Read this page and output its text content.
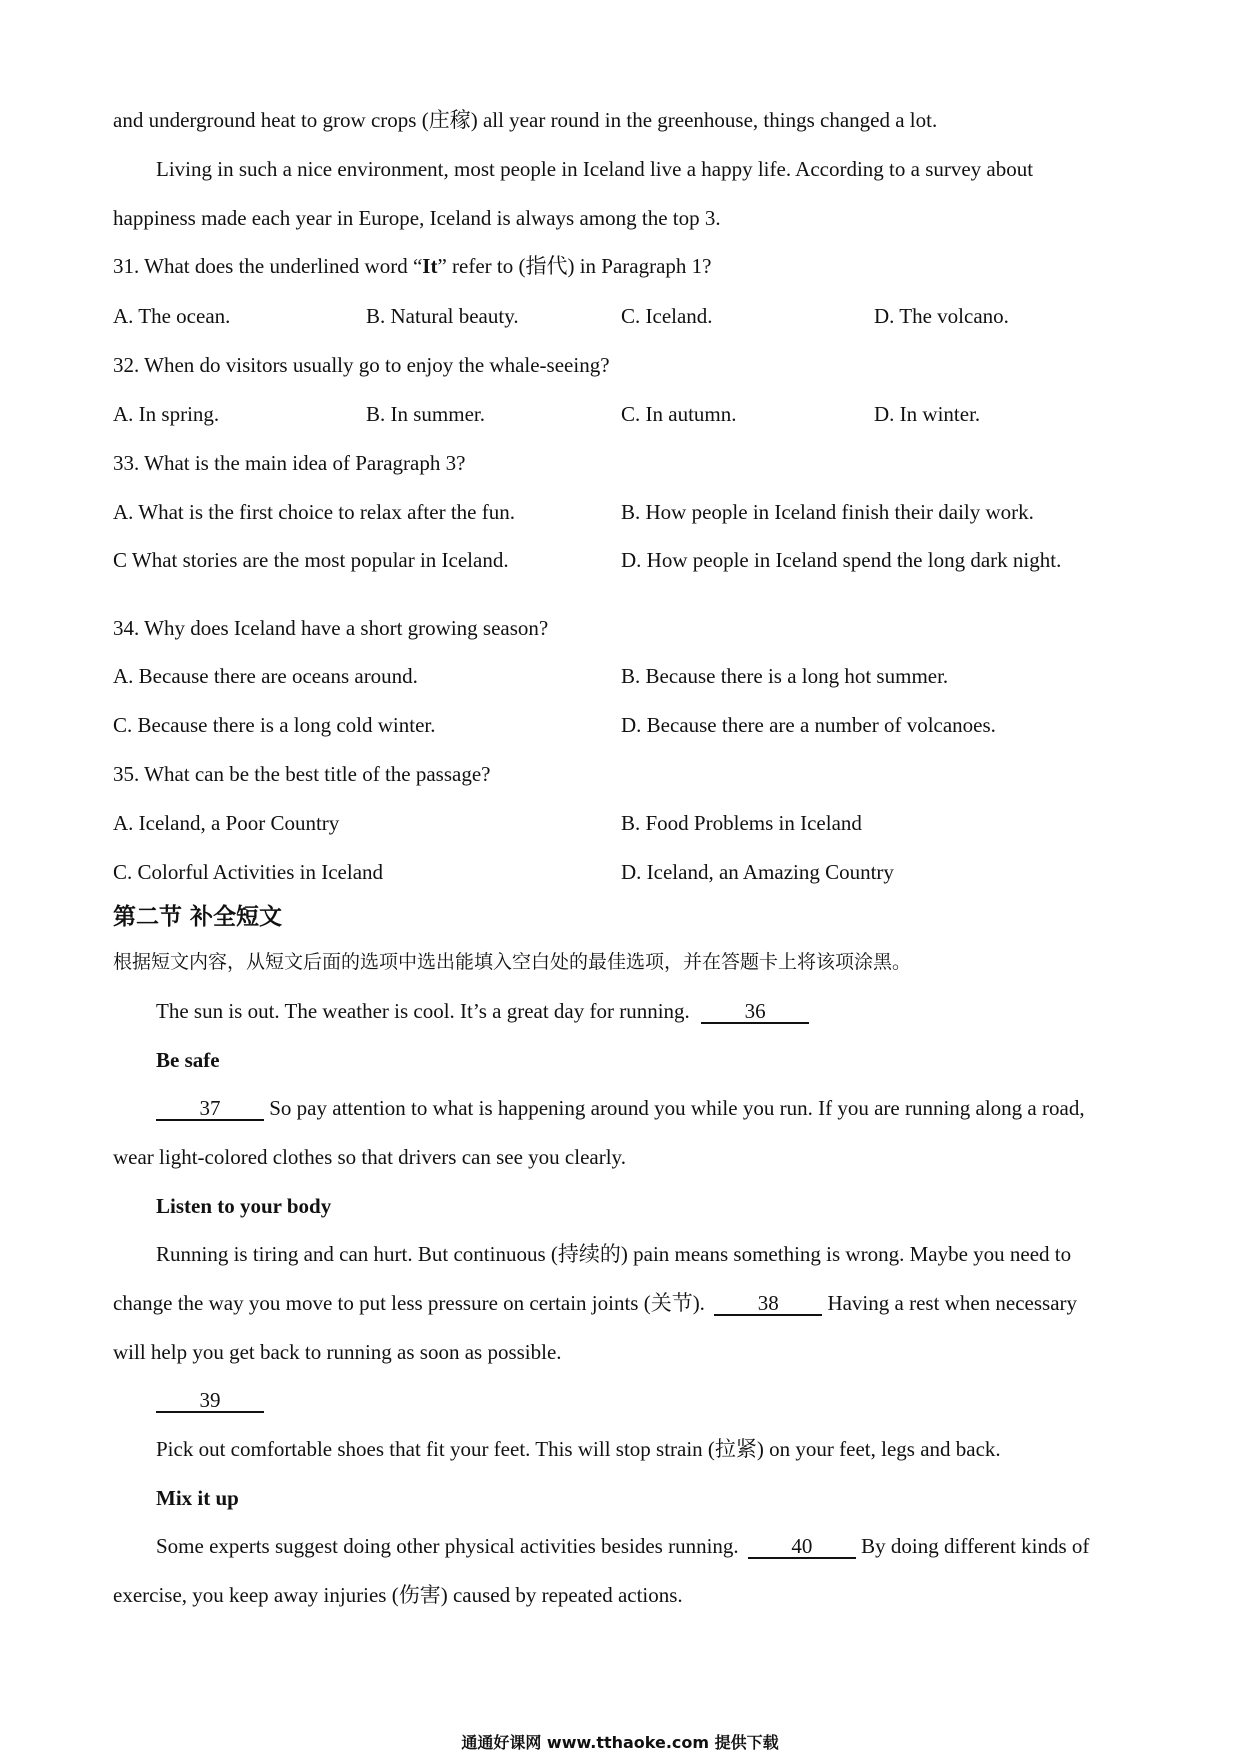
and underground heat to grow crops (庄稼) all year round in the greenhouse, things changed a lot.
Living in such a nice environment, most people in Iceland live a happy life. According to a survey about
happiness made each year in Europe, Iceland is always among the top 3.
31. What does the underlined word “It” refer to (指代) in Paragraph 1?
A. The ocean.	B. Natural beauty.	C. Iceland.	D. The volcano.
32. When do visitors usually go to enjoy the whale-seeing?
A. In spring.	B. In summer.	C. In autumn.	D. In winter.
33. What is the main idea of Paragraph 3?
A. What is the first choice to relax after the fun.	B. How people in Iceland finish their daily work.
C What stories are the most popular in Iceland.	D. How people in Iceland spend the long dark night.
34. Why does Iceland have a short growing season?
A. Because there are oceans around.	B. Because there is a long hot summer.
C. Because there is a long cold winter.	D. Because there are a number of volcanoes.
35. What can be the best title of the passage?
A. Iceland, a Poor Country	B. Food Problems in Iceland
C. Colorful Activities in Iceland	D. Iceland, an Amazing Country
第二节 补全短文
根据短文内容，从短文后面的选项中选出能填入空白处的最佳选项，并在答题卡上将该项涂黑。
The sun is out. The weather is cool. It’s a great day for running.	36
Be safe
37 So pay attention to what is happening around you while you run. If you are running along a road,
wear light-colored clothes so that drivers can see you clearly.
Listen to your body
Running is tiring and can hurt. But continuous (持续的) pain means something is wrong. Maybe you need to
change the way you move to put less pressure on certain joints (关节).	38 Having a rest when necessary
will help you get back to running as soon as possible.
39
Pick out comfortable shoes that fit your feet. This will stop strain (拉紧) on your feet, legs and back.
Mix it up
Some experts suggest doing other physical activities besides running.	40 By doing different kinds of
exercise, you keep away injuries (伤害) caused by repeated actions.
通通好课网 www.tthaoke.com 提供下载
